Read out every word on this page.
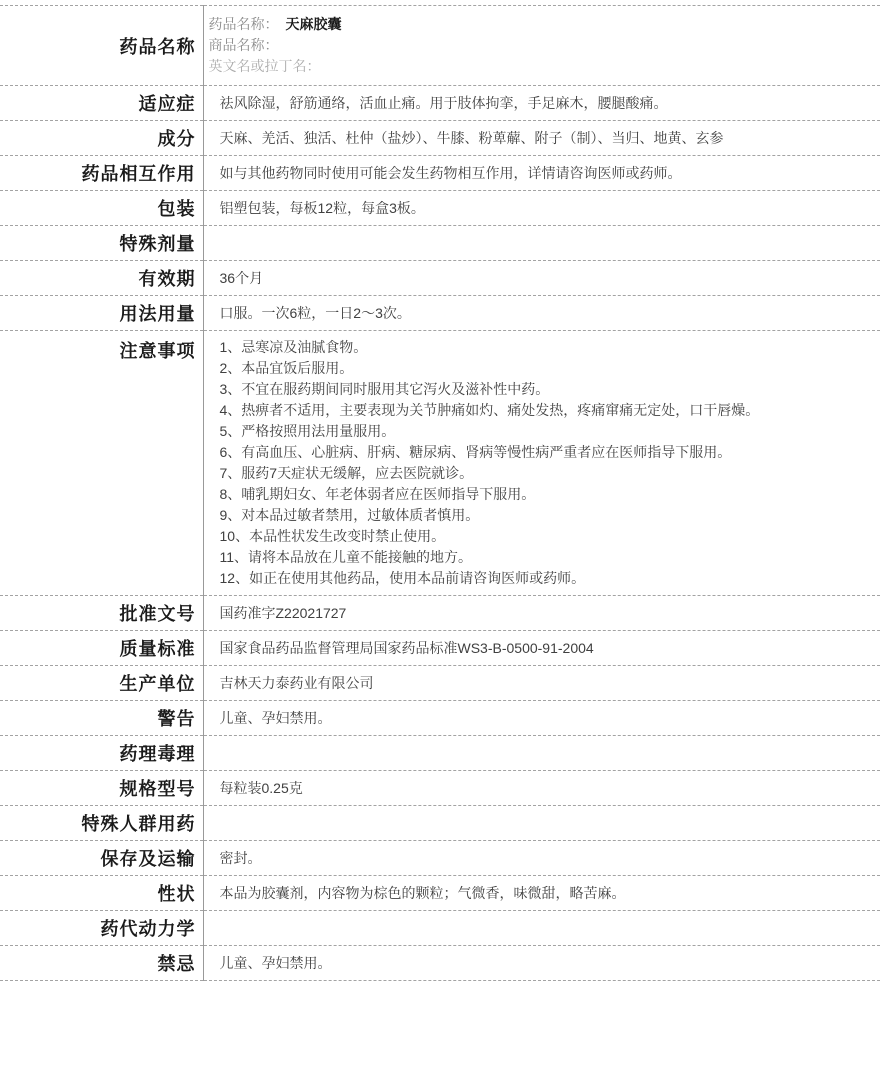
药品名称	药品名称： 天麻胶囊
商品名称：
英文名或拉丁名：

适应症	祛风除湿，舒筋通络，活血止痛。用于肢体拘挛，手足麻木，腰腿酸痛。
成分	天麻、羌活、独活、杜仲（盐炒）、牛膝、粉萆薢、附子（制）、当归、地黄、玄参
药品相互作用	如与其他药物同时使用可能会发生药物相互作用，详情请咨询医师或药师。
包装	铝塑包装，每板12粒，每盒3板。
特殊剂量	
有效期	36个月
用法用量	口服。一次6粒，一日2～3次。
注意事项	1、忌寒凉及油腻食物。
2、本品宜饭后服用。
3、不宜在服药期间同时服用其它泻火及滋补性中药。
4、热痹者不适用，主要表现为关节肿痛如灼、痛处发热，疼痛窜痛无定处，口干唇燥。
5、严格按照用法用量服用。
6、有高血压、心脏病、肝病、糖尿病、肾病等慢性病严重者应在医师指导下服用。
7、服药7天症状无缓解，应去医院就诊。
8、哺乳期妇女、年老体弱者应在医师指导下服用。
9、对本品过敏者禁用，过敏体质者慎用。
10、本品性状发生改变时禁止使用。
11、请将本品放在儿童不能接触的地方。
12、如正在使用其他药品，使用本品前请咨询医师或药师。

批准文号	国药准字Z22021727
质量标准	国家食品药品监督管理局国家药品标准WS3-B-0500-91-2004
生产单位	吉林天力泰药业有限公司
警告	儿童、孕妇禁用。
药理毒理	
规格型号	每粒装0.25克
特殊人群用药	
保存及运输	密封。
性状	本品为胶囊剂，内容物为棕色的颗粒；气微香，味微甜，略苦麻。
药代动力学	
禁忌	儿童、孕妇禁用。
